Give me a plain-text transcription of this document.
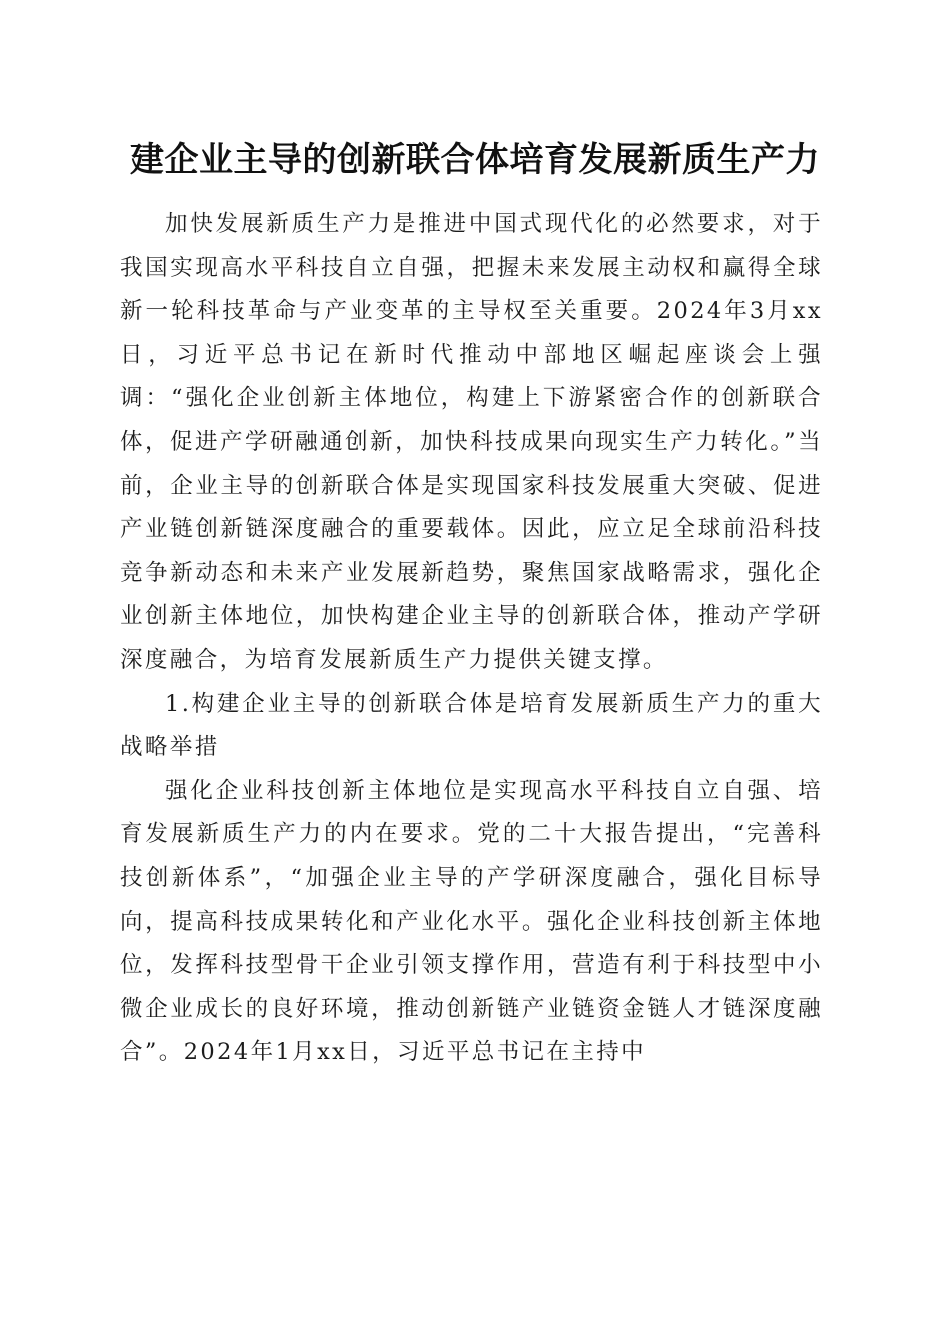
建企业主导的创新联合体培育发展新质生产力

加快发展新质生产力是推进中国式现代化的必然要求，对于我国实现高水平科技自立自强，把握未来发展主动权和赢得全球新一轮科技革命与产业变革的主导权至关重要。2024年3月xx日，习近平总书记在新时代推动中部地区崛起座谈会上强调：“强化企业创新主体地位，构建上下游紧密合作的创新联合体，促进产学研融通创新，加快科技成果向现实生产力转化。”当前，企业主导的创新联合体是实现国家科技发展重大突破、促进产业链创新链深度融合的重要载体。因此，应立足全球前沿科技竞争新动态和未来产业发展新趋势，聚焦国家战略需求，强化企业创新主体地位，加快构建企业主导的创新联合体，推动产学研深度融合，为培育发展新质生产力提供关键支撑。

1.构建企业主导的创新联合体是培育发展新质生产力的重大战略举措

强化企业科技创新主体地位是实现高水平科技自立自强、培育发展新质生产力的内在要求。党的二十大报告提出，“完善科技创新体系”，“加强企业主导的产学研深度融合，强化目标导向，提高科技成果转化和产业化水平。强化企业科技创新主体地位，发挥科技型骨干企业引领支撑作用，营造有利于科技型中小微企业成长的良好环境，推动创新链产业链资金链人才链深度融合”。2024年1月xx日，习近平总书记在主持中
